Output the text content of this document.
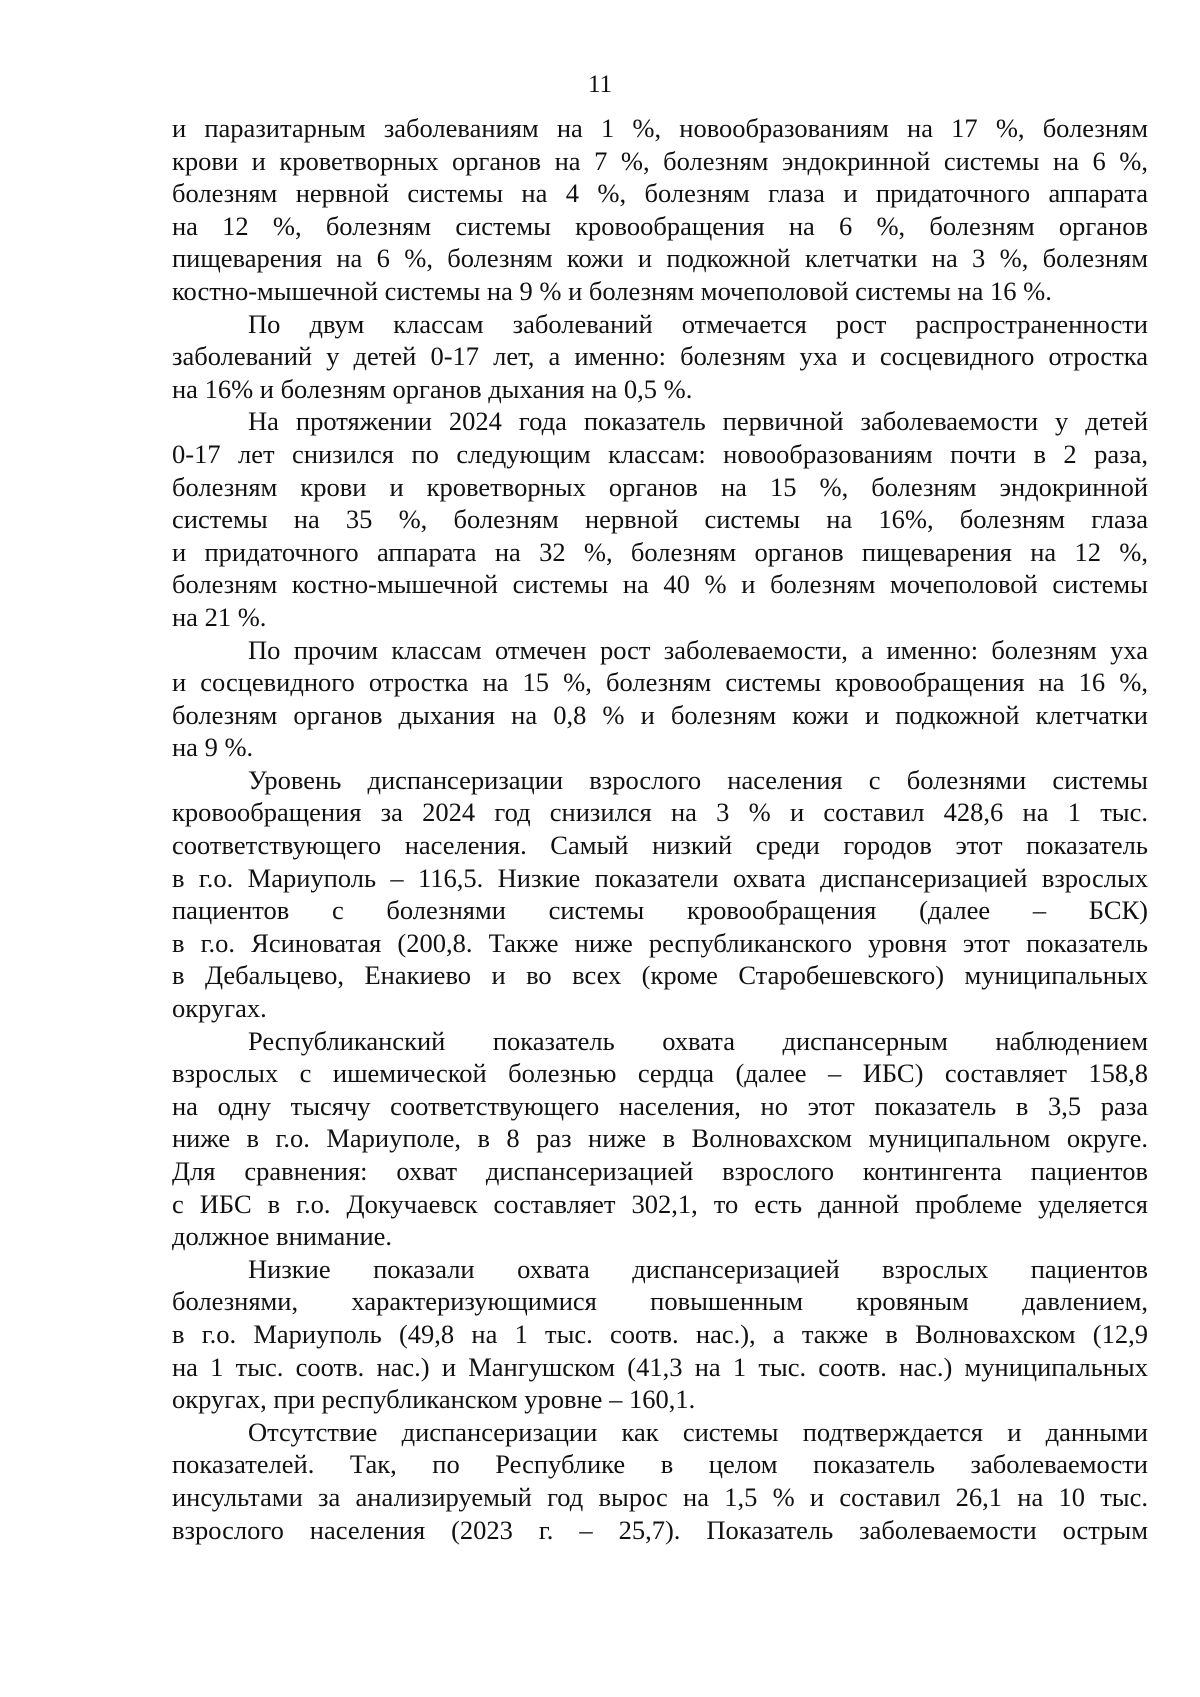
11
и паразитарным заболеваниям на 1 %, новообразованиям на 17 %, болезням
крови и кроветворных органов на 7 %, болезням эндокринной системы на 6 %,
болезням нервной системы на 4 %, болезням глаза и придаточного аппарата
на 12 %, болезням системы кровообращения на 6 %, болезням органов
пищеварения на 6 %, болезням кожи и подкожной клетчатки на 3 %, болезням
костно-мышечной системы на 9 % и болезням мочеполовой системы на 16 %.
По двум классам заболеваний отмечается рост распространенности
заболеваний у детей 0-17 лет, а именно: болезням уха и сосцевидного отростка
на 16% и болезням органов дыхания на 0,5 %.
На протяжении 2024 года показатель первичной заболеваемости у детей
0-17 лет снизился по следующим классам: новообразованиям почти в 2 раза,
болезням крови и кроветворных органов на 15 %, болезням эндокринной
системы на 35 %, болезням нервной системы на 16%, болезням глаза
и придаточного аппарата на 32 %, болезням органов пищеварения на 12 %,
болезням костно-мышечной системы на 40 % и болезням мочеполовой системы
на 21 %.
По прочим классам отмечен рост заболеваемости, а именно: болезням уха
и сосцевидного отростка на 15 %, болезням системы кровообращения на 16 %,
болезням органов дыхания на 0,8 % и болезням кожи и подкожной клетчатки
на 9 %.
Уровень диспансеризации взрослого населения с болезнями системы
кровообращения за 2024 год снизился на 3 % и составил 428,6 на 1 тыс.
соответствующего населения. Самый низкий среди городов этот показатель
в г.о. Мариуполь – 116,5. Низкие показатели охвата диспансеризацией взрослых
пациентов с болезнями системы кровообращения (далее – БСК)
в г.о. Ясиноватая (200,8. Также ниже республиканского уровня этот показатель
в Дебальцево, Енакиево и во всех (кроме Старобешевского) муниципальных
округах.
Республиканский показатель охвата диспансерным наблюдением
взрослых с ишемической болезнью сердца (далее – ИБС) составляет 158,8
на одну тысячу соответствующего населения, но этот показатель в 3,5 раза
ниже в г.о. Мариуполе, в 8 раз ниже в Волновахском муниципальном округе.
Для сравнения: охват диспансеризацией взрослого контингента пациентов
с ИБС в г.о. Докучаевск составляет 302,1, то есть данной проблеме уделяется
должное внимание.
Низкие показали охвата диспансеризацией взрослых пациентов
болезнями, характеризующимися повышенным кровяным давлением,
в г.о. Мариуполь (49,8 на 1 тыс. соотв. нас.), а также в Волновахском (12,9
на 1 тыс. соотв. нас.) и Мангушском (41,3 на 1 тыс. соотв. нас.) муниципальных
округах, при республиканском уровне – 160,1.
Отсутствие диспансеризации как системы подтверждается и данными
показателей. Так, по Республике в целом показатель заболеваемости
инсультами за анализируемый год вырос на 1,5 % и составил 26,1 на 10 тыс.
взрослого населения (2023 г. – 25,7). Показатель заболеваемости острым
